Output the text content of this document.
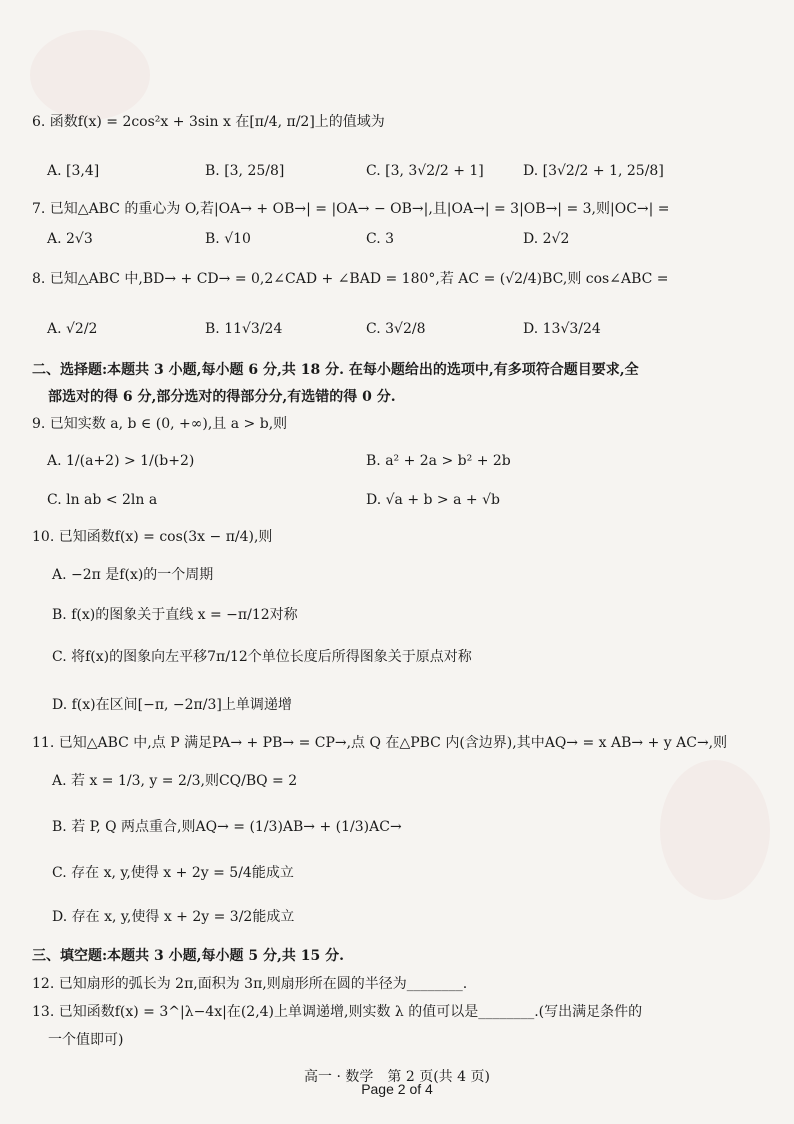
6. 函数f(x) = 2cos²x + 3sin x 在[π/4, π/2]上的值域为
A. [3,4]	B. [3, 25/8]	C. [3, 3√2/2 + 1]	D. [3√2/2 + 1, 25/8]
7. 已知△ABC 的重心为 O,若|OA→ + OB→| = |OA→ − OB→|,且|OA→| = 3|OB→| = 3,则|OC→| =
A. 2√3	B. √10	C. 3	D. 2√2
8. 已知△ABC 中,BD→ + CD→ = 0,2∠CAD + ∠BAD = 180°,若 AC = (√2/4)BC,则 cos∠ABC =
A. √2/2	B. 11√3/24	C. 3√2/8	D. 13√3/24
二、选择题:本题共 3 小题,每小题 6 分,共 18 分. 在每小题给出的选项中,有多项符合题目要求,全
部选对的得 6 分,部分选对的得部分分,有选错的得 0 分.
9. 已知实数 a, b ∈ (0, +∞),且 a > b,则
A. 1/(a+2) > 1/(b+2)	B. a² + 2a > b² + 2b
C. ln ab < 2ln a	D. √a + b > a + √b
10. 已知函数f(x) = cos(3x − π/4),则
A. −2π 是f(x)的一个周期
B. f(x)的图象关于直线 x = −π/12对称
C. 将f(x)的图象向左平移7π/12个单位长度后所得图象关于原点对称
D. f(x)在区间[−π, −2π/3]上单调递增
11. 已知△ABC 中,点 P 满足PA→ + PB→ = CP→,点 Q 在△PBC 内(含边界),其中AQ→ = x AB→ + y AC→,则
A. 若 x = 1/3, y = 2/3,则CQ/BQ = 2
B. 若 P, Q 两点重合,则AQ→ = (1/3)AB→ + (1/3)AC→
C. 存在 x, y,使得 x + 2y = 5/4能成立
D. 存在 x, y,使得 x + 2y = 3/2能成立
三、填空题:本题共 3 小题,每小题 5 分,共 15 分.
12. 已知扇形的弧长为 2π,面积为 3π,则扇形所在圆的半径为________.
13. 已知函数f(x) = 3^|λ−4x|在(2,4)上单调递增,则实数 λ 的值可以是________.(写出满足条件的
一个值即可)
高一 · 数学　第 2 页(共 4 页)
Page 2 of 4
